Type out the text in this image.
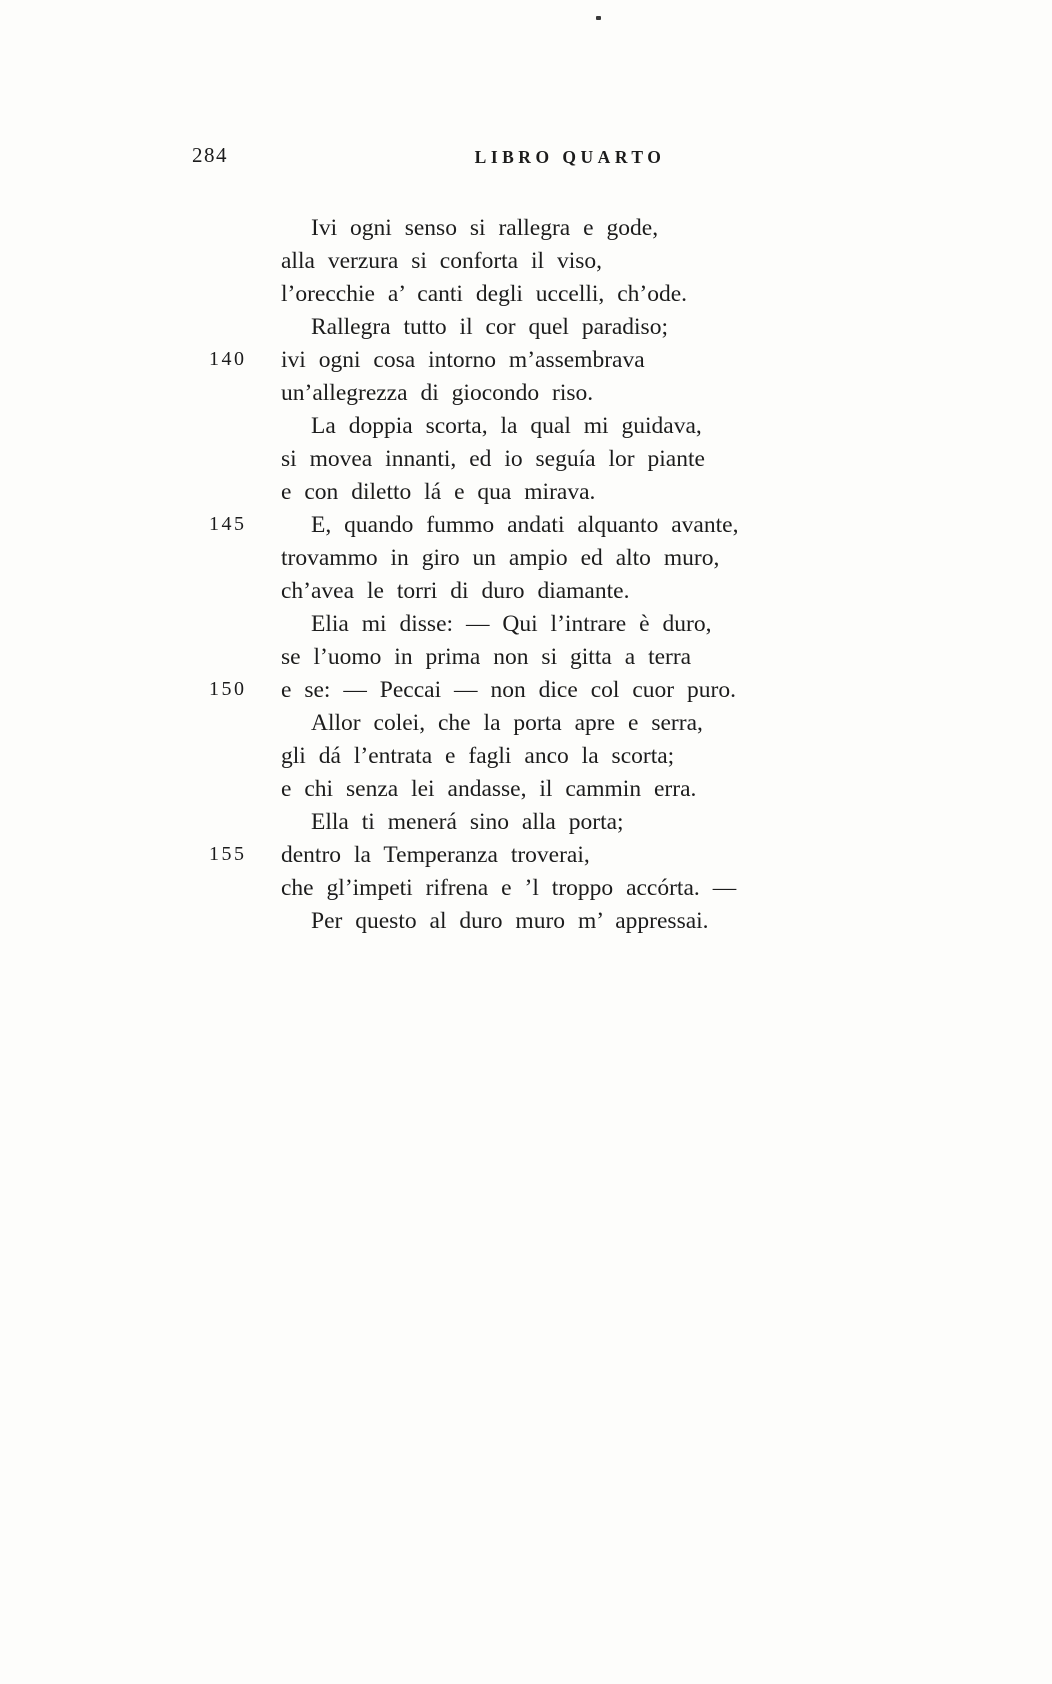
284	LIBRO QUARTO
Ivi ogni senso si rallegra e gode,
alla verzura si conforta il viso,
l’orecchie a’ canti degli uccelli, ch’ode.
Rallegra tutto il cor quel paradiso;
140	ivi ogni cosa intorno m’assembrava
un’allegrezza di giocondo riso.
La doppia scorta, la qual mi guidava,
si movea innanti, ed io seguía lor piante
e con diletto lá e qua mirava.
145	E, quando fummo andati alquanto avante,
trovammo in giro un ampio ed alto muro,
ch’avea le torri di duro diamante.
Elia mi disse: — Qui l’intrare è duro,
se l’uomo in prima non si gitta a terra
150	e se: — Peccai — non dice col cuor puro.
Allor colei, che la porta apre e serra,
gli dá l’entrata e fagli anco la scorta;
e chi senza lei andasse, il cammin erra.
Ella ti menerá sino alla porta;
155	dentro la Temperanza troverai,
che gl’impeti rifrena e ’l troppo accórta. —
Per questo al duro muro m’ appressai.
